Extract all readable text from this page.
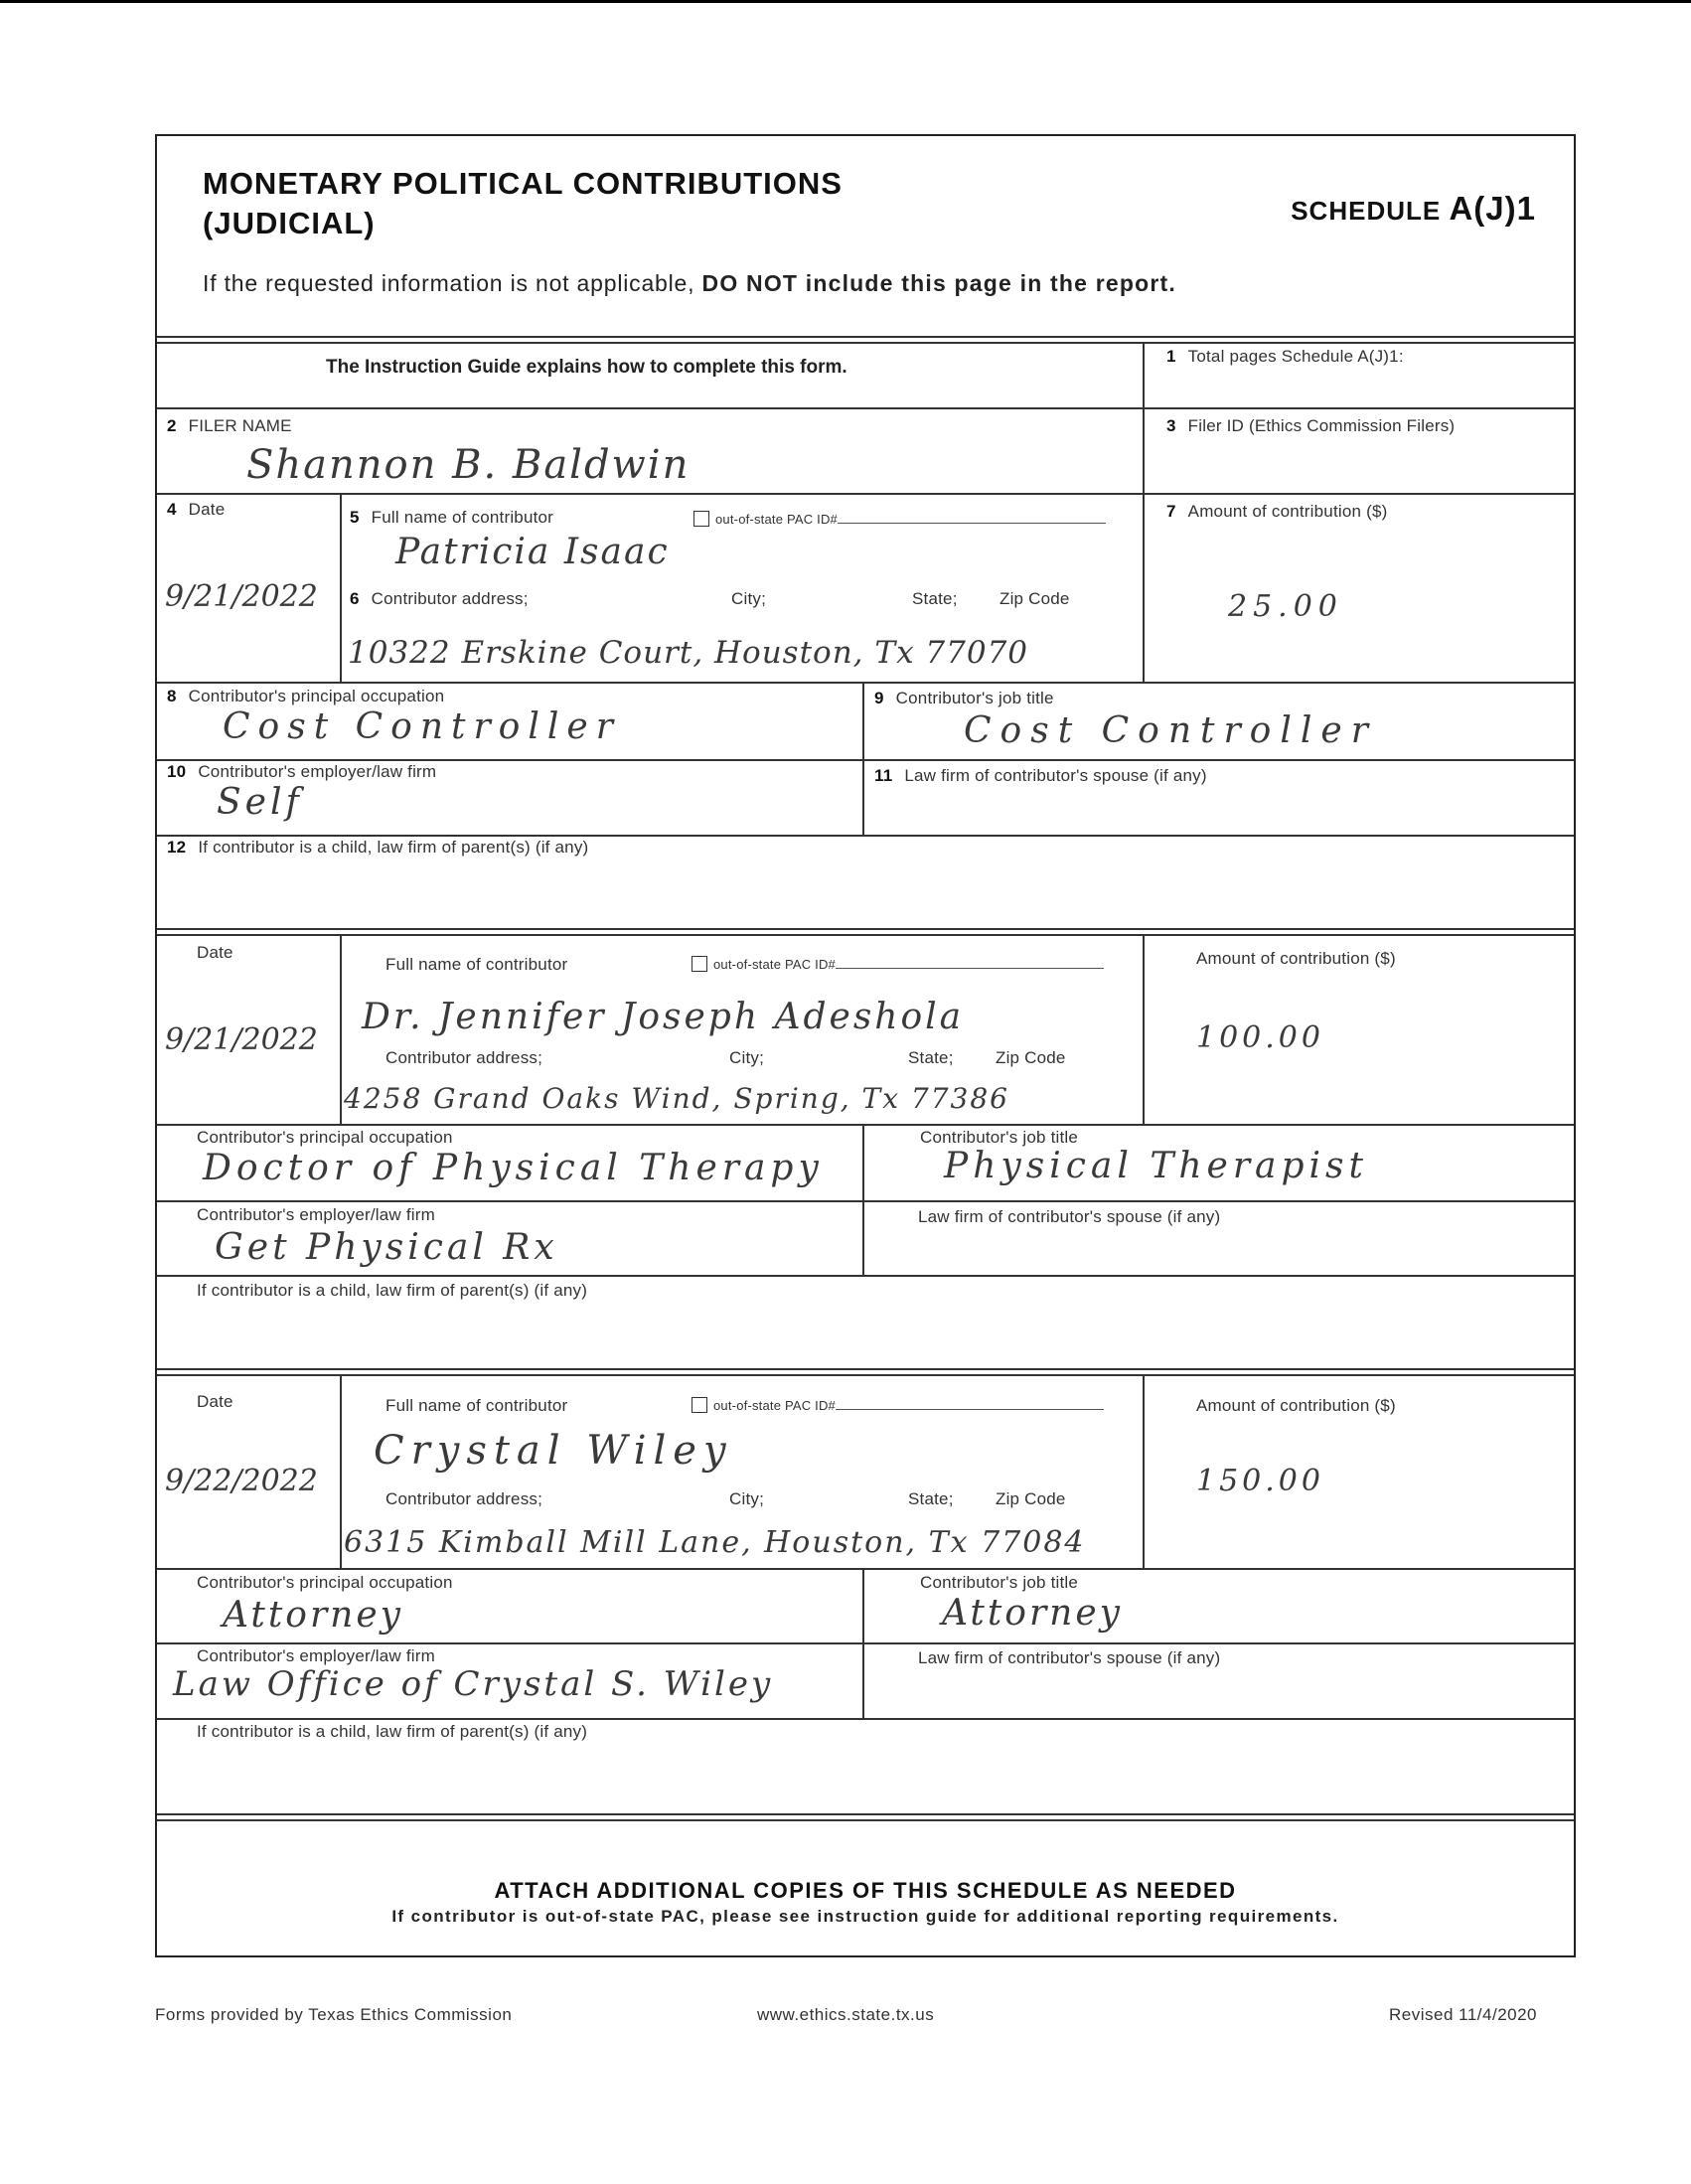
MONETARY POLITICAL CONTRIBUTIONS
(JUDICIAL)	SCHEDULE A(J)1
If the requested information is not applicable, DO NOT include this page in the report.
The Instruction Guide explains how to complete this form.
1 Total pages Schedule A(J)1:
2 FILER NAME
Shannon B. Baldwin
3 Filer ID (Ethics Commission Filers)
4 Date
9/21/2022
5 Full name of contributor	out-of-state PAC ID#
Patricia Isaac
6 Contributor address;	City;	State; Zip Code
10322 Erskine Court, Houston, Tx 77070
7 Amount of contribution ($)
25.00
8 Contributor's principal occupation
Cost Controller
9 Contributor's job title
Cost Controller
10 Contributor's employer/law firm
Self
11 Law firm of contributor's spouse (if any)
12 If contributor is a child, law firm of parent(s) (if any)
Date
9/21/2022
Full name of contributor	out-of-state PAC ID#
Dr. Jennifer Joseph Adeshola
Contributor address;	City;	State; Zip Code
4258 Grand Oaks Wind, Spring, Tx 77386
Amount of contribution ($)
100.00
Contributor's principal occupation
Doctor of Physical Therapy
Contributor's job title
Physical Therapist
Contributor's employer/law firm
Get Physical Rx
Law firm of contributor's spouse (if any)
If contributor is a child, law firm of parent(s) (if any)
Date
9/22/2022
Full name of contributor	out-of-state PAC ID#
Crystal Wiley
Contributor address;	City;	State; Zip Code
6315 Kimball Mill Lane, Houston, Tx 77084
Amount of contribution ($)
150.00
Contributor's principal occupation
Attorney
Contributor's job title
Attorney
Contributor's employer/law firm
Law Office of Crystal S. Wiley
Law firm of contributor's spouse (if any)
If contributor is a child, law firm of parent(s) (if any)
ATTACH ADDITIONAL COPIES OF THIS SCHEDULE AS NEEDED
If contributor is out-of-state PAC, please see instruction guide for additional reporting requirements.
Forms provided by Texas Ethics Commission	www.ethics.state.tx.us	Revised 11/4/2020
